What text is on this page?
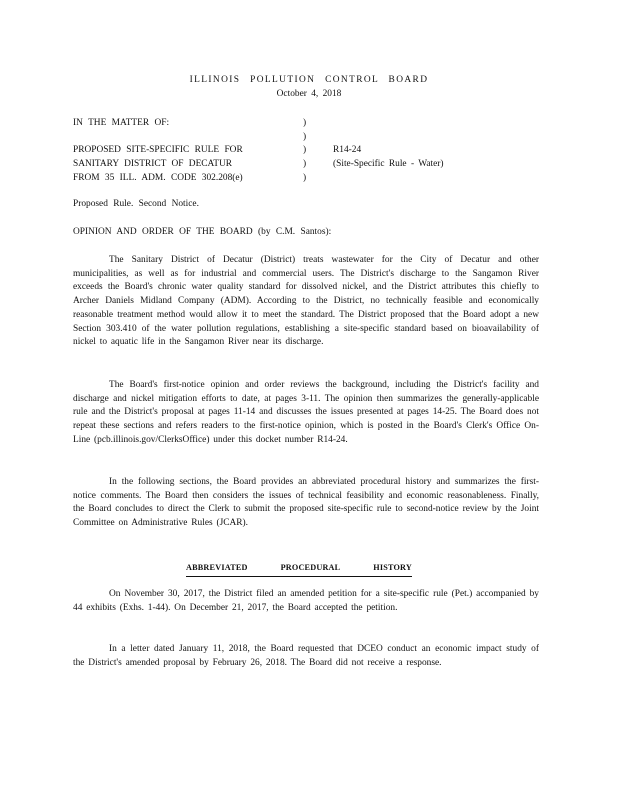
ILLINOIS POLLUTION CONTROL BOARD
October 4, 2018
IN THE MATTER OF:	)
)
PROPOSED SITE-SPECIFIC RULE FOR	)	R14-24
SANITARY DISTRICT OF DECATUR	)	(Site-Specific Rule - Water)
FROM 35 ILL. ADM. CODE 302.208(e)	)
Proposed Rule. Second Notice.
OPINION AND ORDER OF THE BOARD (by C.M. Santos):

The Sanitary District of Decatur (District) treats wastewater for the City of Decatur and other municipalities, as well as for industrial and commercial users. The District's discharge to the Sangamon River exceeds the Board's chronic water quality standard for dissolved nickel, and the District attributes this chiefly to Archer Daniels Midland Company (ADM). According to the District, no technically feasible and economically reasonable treatment method would allow it to meet the standard. The District proposed that the Board adopt a new Section 303.410 of the water pollution regulations, establishing a site-specific standard based on bioavailability of nickel to aquatic life in the Sangamon River near its discharge.

The Board's first-notice opinion and order reviews the background, including the District's facility and discharge and nickel mitigation efforts to date, at pages 3-11. The opinion then summarizes the generally-applicable rule and the District's proposal at pages 11-14 and discusses the issues presented at pages 14-25. The Board does not repeat these sections and refers readers to the first-notice opinion, which is posted in the Board's Clerk's Office On-Line (pcb.illinois.gov/ClerksOffice) under this docket number R14-24.

In the following sections, the Board provides an abbreviated procedural history and summarizes the first-notice comments. The Board then considers the issues of technical feasibility and economic reasonableness. Finally, the Board concludes to direct the Clerk to submit the proposed site-specific rule to second-notice review by the Joint Committee on Administrative Rules (JCAR).

ABBREVIATED	PROCEDURAL	HISTORY

On November 30, 2017, the District filed an amended petition for a site-specific rule (Pet.) accompanied by 44 exhibits (Exhs. 1-44). On December 21, 2017, the Board accepted the petition.

In a letter dated January 11, 2018, the Board requested that DCEO conduct an economic impact study of the District's amended proposal by February 26, 2018. The Board did not receive a response.
